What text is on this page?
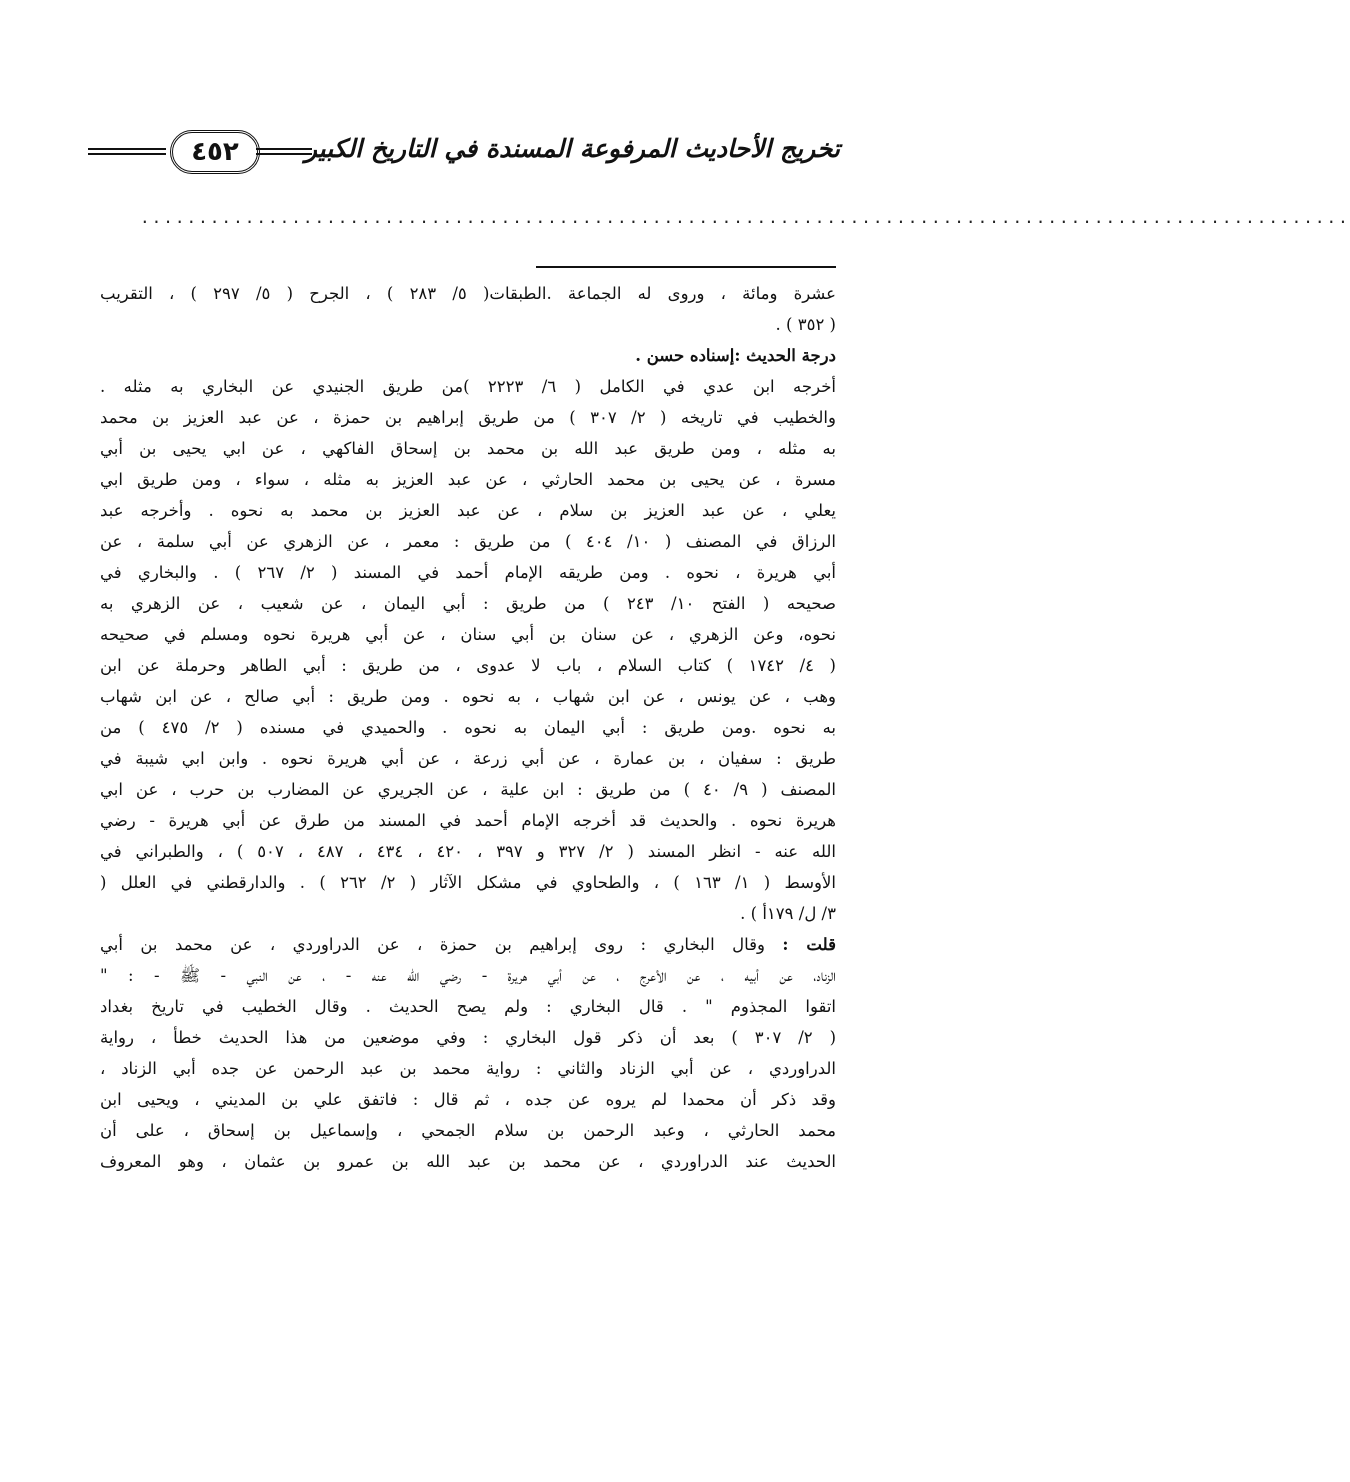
٤٥٢	تخريج الأحاديث المرفوعة المسندة في التاريخ الكبير
........................................................................................................
عشرة ومائة ، وروى له الجماعة .الطبقات( ٥/ ٢٨٣ ) ، الجرح ( ٥/ ٢٩٧ ) ، التقريب
( ٣٥٢ ) .
درجة الحديث :إسناده حسن .
أخرجه ابن عدي في الكامل ( ٦/ ٢٢٢٣ )من طريق الجنيدي عن البخاري به مثله .
والخطيب في تاريخه ( ٢/ ٣٠٧ ) من طريق إبراهيم بن حمزة ، عن عبد العزيز بن محمد
به مثله ، ومن طريق عبد الله بن محمد بن إسحاق الفاكهي ، عن ابي يحيى بن أبي
مسرة ، عن يحيى بن محمد الحارثي ، عن عبد العزيز به مثله ، سواء ، ومن طريق ابي
يعلي ، عن عبد العزيز بن سلام ، عن عبد العزيز بن محمد به نحوه . وأخرجه عبد
الرزاق في المصنف ( ١٠/ ٤٠٤ ) من طريق : معمر ، عن الزهري عن أبي سلمة ، عن
أبي هريرة ، نحوه . ومن طريقه الإمام أحمد في المسند ( ٢/ ٢٦٧ ) . والبخاري في
صحيحه ( الفتح ١٠/ ٢٤٣ ) من طريق : أبي اليمان ، عن شعيب ، عن الزهري به
نحوه، وعن الزهري ، عن سنان بن أبي سنان ، عن أبي هريرة نحوه ومسلم في صحيحه
( ٤/ ١٧٤٢ ) كتاب السلام ، باب لا عدوى ، من طريق : أبي الطاهر وحرملة عن ابن
وهب ، عن يونس ، عن ابن شهاب ، به نحوه . ومن طريق : أبي صالح ، عن ابن شهاب
به نحوه .ومن طريق : أبي اليمان به نحوه . والحميدي في مسنده ( ٢/ ٤٧٥ ) من
طريق : سفيان ، بن عمارة ، عن أبي زرعة ، عن أبي هريرة نحوه . وابن ابي شيبة في
المصنف ( ٩/ ٤٠ ) من طريق : ابن علية ، عن الجريري عن المضارب بن حرب ، عن ابي
هريرة نحوه . والحديث قد أخرجه الإمام أحمد في المسند من طرق عن أبي هريرة - رضي
الله عنه - انظر المسند ( ٢/ ٣٢٧ و ٣٩٧ ، ٤٢٠ ، ٤٣٤ ، ٤٨٧ ، ٥٠٧ ) ، والطبراني في
الأوسط ( ١/ ١٦٣ ) ، والطحاوي في مشكل الآثار ( ٢/ ٢٦٢ ) . والدارقطني في العلل (
٣/ ل/ ١٧٩أ ) .
قلت : وقال البخاري : روى إبراهيم بن حمزة ، عن الدراوردي ، عن محمد بن أبي
الزناد، عن أبيه ، عن الأعرج ، عن أبي هريرة - رضي الله عنه - ، عن النبي - ﷺ - : "
اتقوا المجذوم " . قال البخاري : ولم يصح الحديث . وقال الخطيب في تاريخ بغداد
( ٢/ ٣٠٧ ) بعد أن ذكر قول البخاري : وفي موضعين من هذا الحديث خطأ ، رواية
الدراوردي ، عن أبي الزناد والثاني : رواية محمد بن عبد الرحمن عن جده أبي الزناد ،
وقد ذكر أن محمدا لم يروه عن جده ، ثم قال : فاتفق علي بن المديني ، ويحيى ابن
محمد الحارثي ، وعبد الرحمن بن سلام الجمحي ، وإسماعيل بن إسحاق ، على أن
الحديث عند الدراوردي ، عن محمد بن عبد الله بن عمرو بن عثمان ، وهو المعروف
